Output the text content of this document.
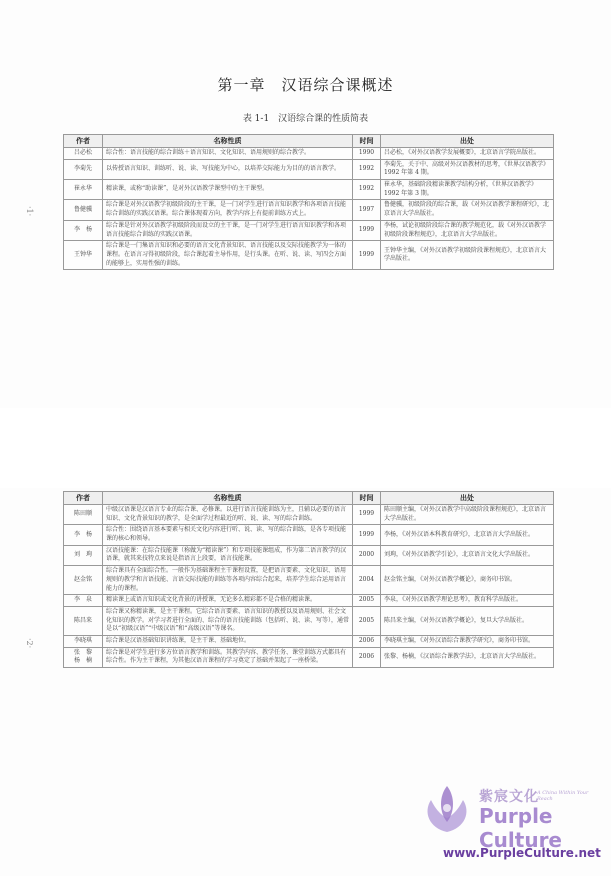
第一章　汉语综合课概述
表 1-1　汉语综合课的性质简表
·1·
作者	名称性质	时间	出处
吕必松	综合性：语言技能的综合训练＋语言知识、文化知识、语用规则的综合教学。	1990	吕必松，《对外汉语教学发展概要》，北京语言学院出版社。
李菊先	以传授语言知识、训练听、说、读、写技能为中心，以培养交际能力为目的的语言教学。	1992	李菊先，关于中、高级对外汉语教材的思考，《世界汉语教学》1992 年第 4 期。
崔永华	精读课，或称“助读课”，是对外汉语教学课型中的主干课型。	1992	崔永华，基础阶段精读课教学结构分析，《世界汉语教学》1992 年第 3 期。
鲁健骥	综合课是对外汉语教学初级阶段的主干课，是一门对学生进行语言知识教学和各项语言技能综合训练的实践汉语课。综合课体现着方向，教学内容上有提前训练方式上。	1997	鲁健骥，初级阶段的综合课，载《对外汉语教学课程研究》，北京语言大学出版社。
李　杨	综合课是针对外汉语教学初级阶段而设立的主干课，是一门对学生进行语言知识教学和各项语言技能综合训练的实践汉语课。	1999	李杨，试论初级阶段综合课的教学规范化，载《对外汉语教学初级阶段课程规范》，北京语言大学出版社。
王钟华	综合课是一门集语言知识和必要的语言文化背景知识、语言技能以及交际技能教学为一体的课程。在语言习得初级阶段，综合课起着主导作用，是行头课。在听、说、读、写四会方面的能够上，实用性强的训练。	1999	王钟华主编，《对外汉语教学初级阶段课程规范》，北京语言大学出版社。
·2·
紫宸文化
A China Within Your Reach
Purple Culture
www.PurpleCulture.net
作者	名称性质	时间	出处
陈田顺	中级汉语课是汉语言专业的综合课、必修课。以进行语言技能训练为主，且辅以必要的语言知识、文化背景知识的教学，是全面学过程最近的听、说、读、写的综合训练。	1999	陈田顺主编，《对外汉语教学中高级阶段课程规范》，北京语言大学出版社。
李　杨	综合性：围绕语言基本要素与相关文化内容进行听、说、读、写的综合训练，是各专项技能课的核心和领导。	1999	李杨，《对外汉语本科教育研究》，北京语言大学出版社。
刘　珣	汉语技能课：在综合技能课（称做为“精读课”）和专项技能课组成，作为第二语言教学的汉语课，就其来技特点来说是指语言上段要，语言技能课。	2000	刘珣，《对外汉语教学引论》，北京语言文化大学出版社。
赵金铭	综合课具有全面综合性。一般作为基础课程主干课程设置，是把语言要素、文化知识、语用规则的教学和言语技能、言语交际技能的训练等各项内容综合起来，培养学生综合运用语言能力的课程。	2004	赵金铭主编，《对外汉语教学概论》，商务印书馆。
李　泉	精读课上或语言知识或文化背景的讲授课，无论多么精彩都不是合格的精读课。	2005	李泉，《对外汉语教学理论思考》，教育科学出版社。
陈昌来	综合课又称精读课，是主干课程。它综合语言要素、语言知识的教授以及语用规则、社会文化知识的教学。对学习者进行全面的、综合的语言技能训练（包括听、说、读、写等），通常是以“初级汉语”“中级汉语”和“高级汉语”等课名。	2005	陈昌来主编，《对外汉语教学概论》，复旦大学出版社。
李晓琪	综合课是汉语基础知识讲练课，是主干课、基础地位。	2006	李晓琪主编，《对外汉语综合课教学研究》，商务印书馆。
张　黎
杨　楠	综合课是对学生进行多方位语言教学和训练。其教学内容、教学任务、课堂训练方式都具有综合性。作为主干课程，为其他汉语言课程的学习奠定了基础并架起了一座桥梁。	2006	张黎、杨楠，《汉语综合课教学法》，北京语言大学出版社。
